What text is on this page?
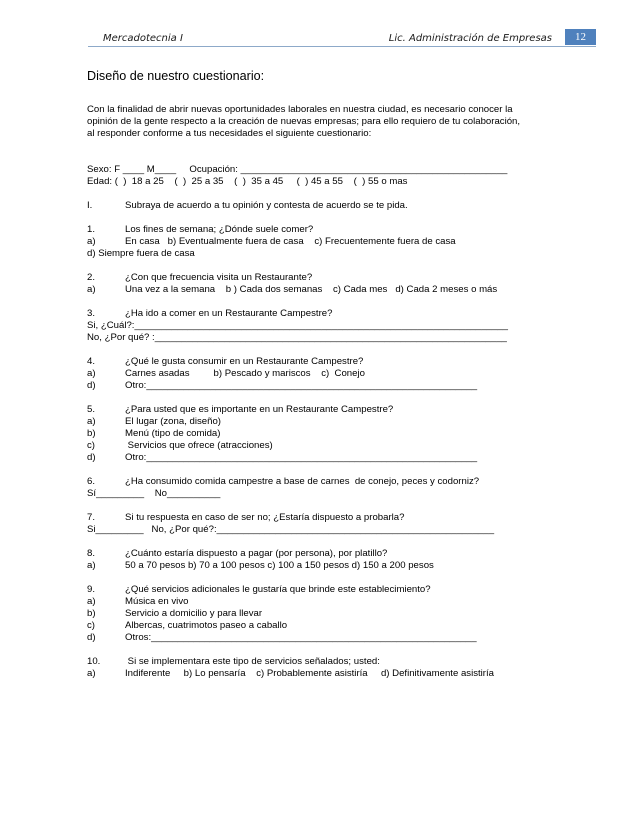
Mercadotecnia I	Lic. Administración de Empresas	12
Diseño de nuestro cuestionario:

Con la finalidad de abrir nuevas oportunidades laborales en nuestra ciudad, es necesario conocer la

opinión de la gente respecto a la creación de nuevas empresas; para ello requiero de tu colaboración,

al responder conforme a tus necesidades el siguiente cuestionario:

Sexo: F ____ M____     Ocupación: __________________________________________________

Edad: (  )  18 a 25    (  )  25 a 35    (  )  35 a 45     (  ) 45 a 55    (  ) 55 o mas

I.	Subraya de acuerdo a tu opinión y contesta de acuerdo se te pida.
1.	Los fines de semana; ¿Dónde suele comer?
a)	En casa   b) Eventualmente fuera de casa    c) Frecuentemente fuera de casa
d) Siempre fuera de casa
2.	¿Con que frecuencia visita un Restaurante?
a)	Una vez a la semana    b ) Cada dos semanas    c) Cada mes   d) Cada 2 meses o más
3.	¿Ha ido a comer en un Restaurante Campestre?
Si, ¿Cuál?:______________________________________________________________________
No, ¿Por qué? :__________________________________________________________________
4.	¿Qué le gusta consumir en un Restaurante Campestre?
a)	Carnes asadas         b) Pescado y mariscos    c)  Conejo
d)	Otro:______________________________________________________________
5.	¿Para usted que es importante en un Restaurante Campestre?
a)	El lugar (zona, diseño)
b)	Menú (tipo de comida)
c)	Servicios que ofrece (atracciones)
d)	Otro:______________________________________________________________
6.	¿Ha consumido comida campestre a base de carnes  de conejo, peces y codorniz?
Sí_________    No__________
7.	Si tu respuesta en caso de ser no; ¿Estaría dispuesto a probarla?
Si_________   No, ¿Por qué?:____________________________________________________
8.	¿Cuánto estaría dispuesto a pagar (por persona), por platillo?
a)	50 a 70 pesos b) 70 a 100 pesos c) 100 a 150 pesos d) 150 a 200 pesos
9.	¿Qué servicios adicionales le gustaría que brinde este establecimiento?
a)	Música en vivo
b)	Servicio a domicilio y para llevar
c)	Albercas, cuatrimotos paseo a caballo
d)	Otros:_____________________________________________________________
10.	Si se implementara este tipo de servicios señalados; usted:
a)	Indiferente     b) Lo pensaría    c) Probablemente asistiría     d) Definitivamente asistiría
